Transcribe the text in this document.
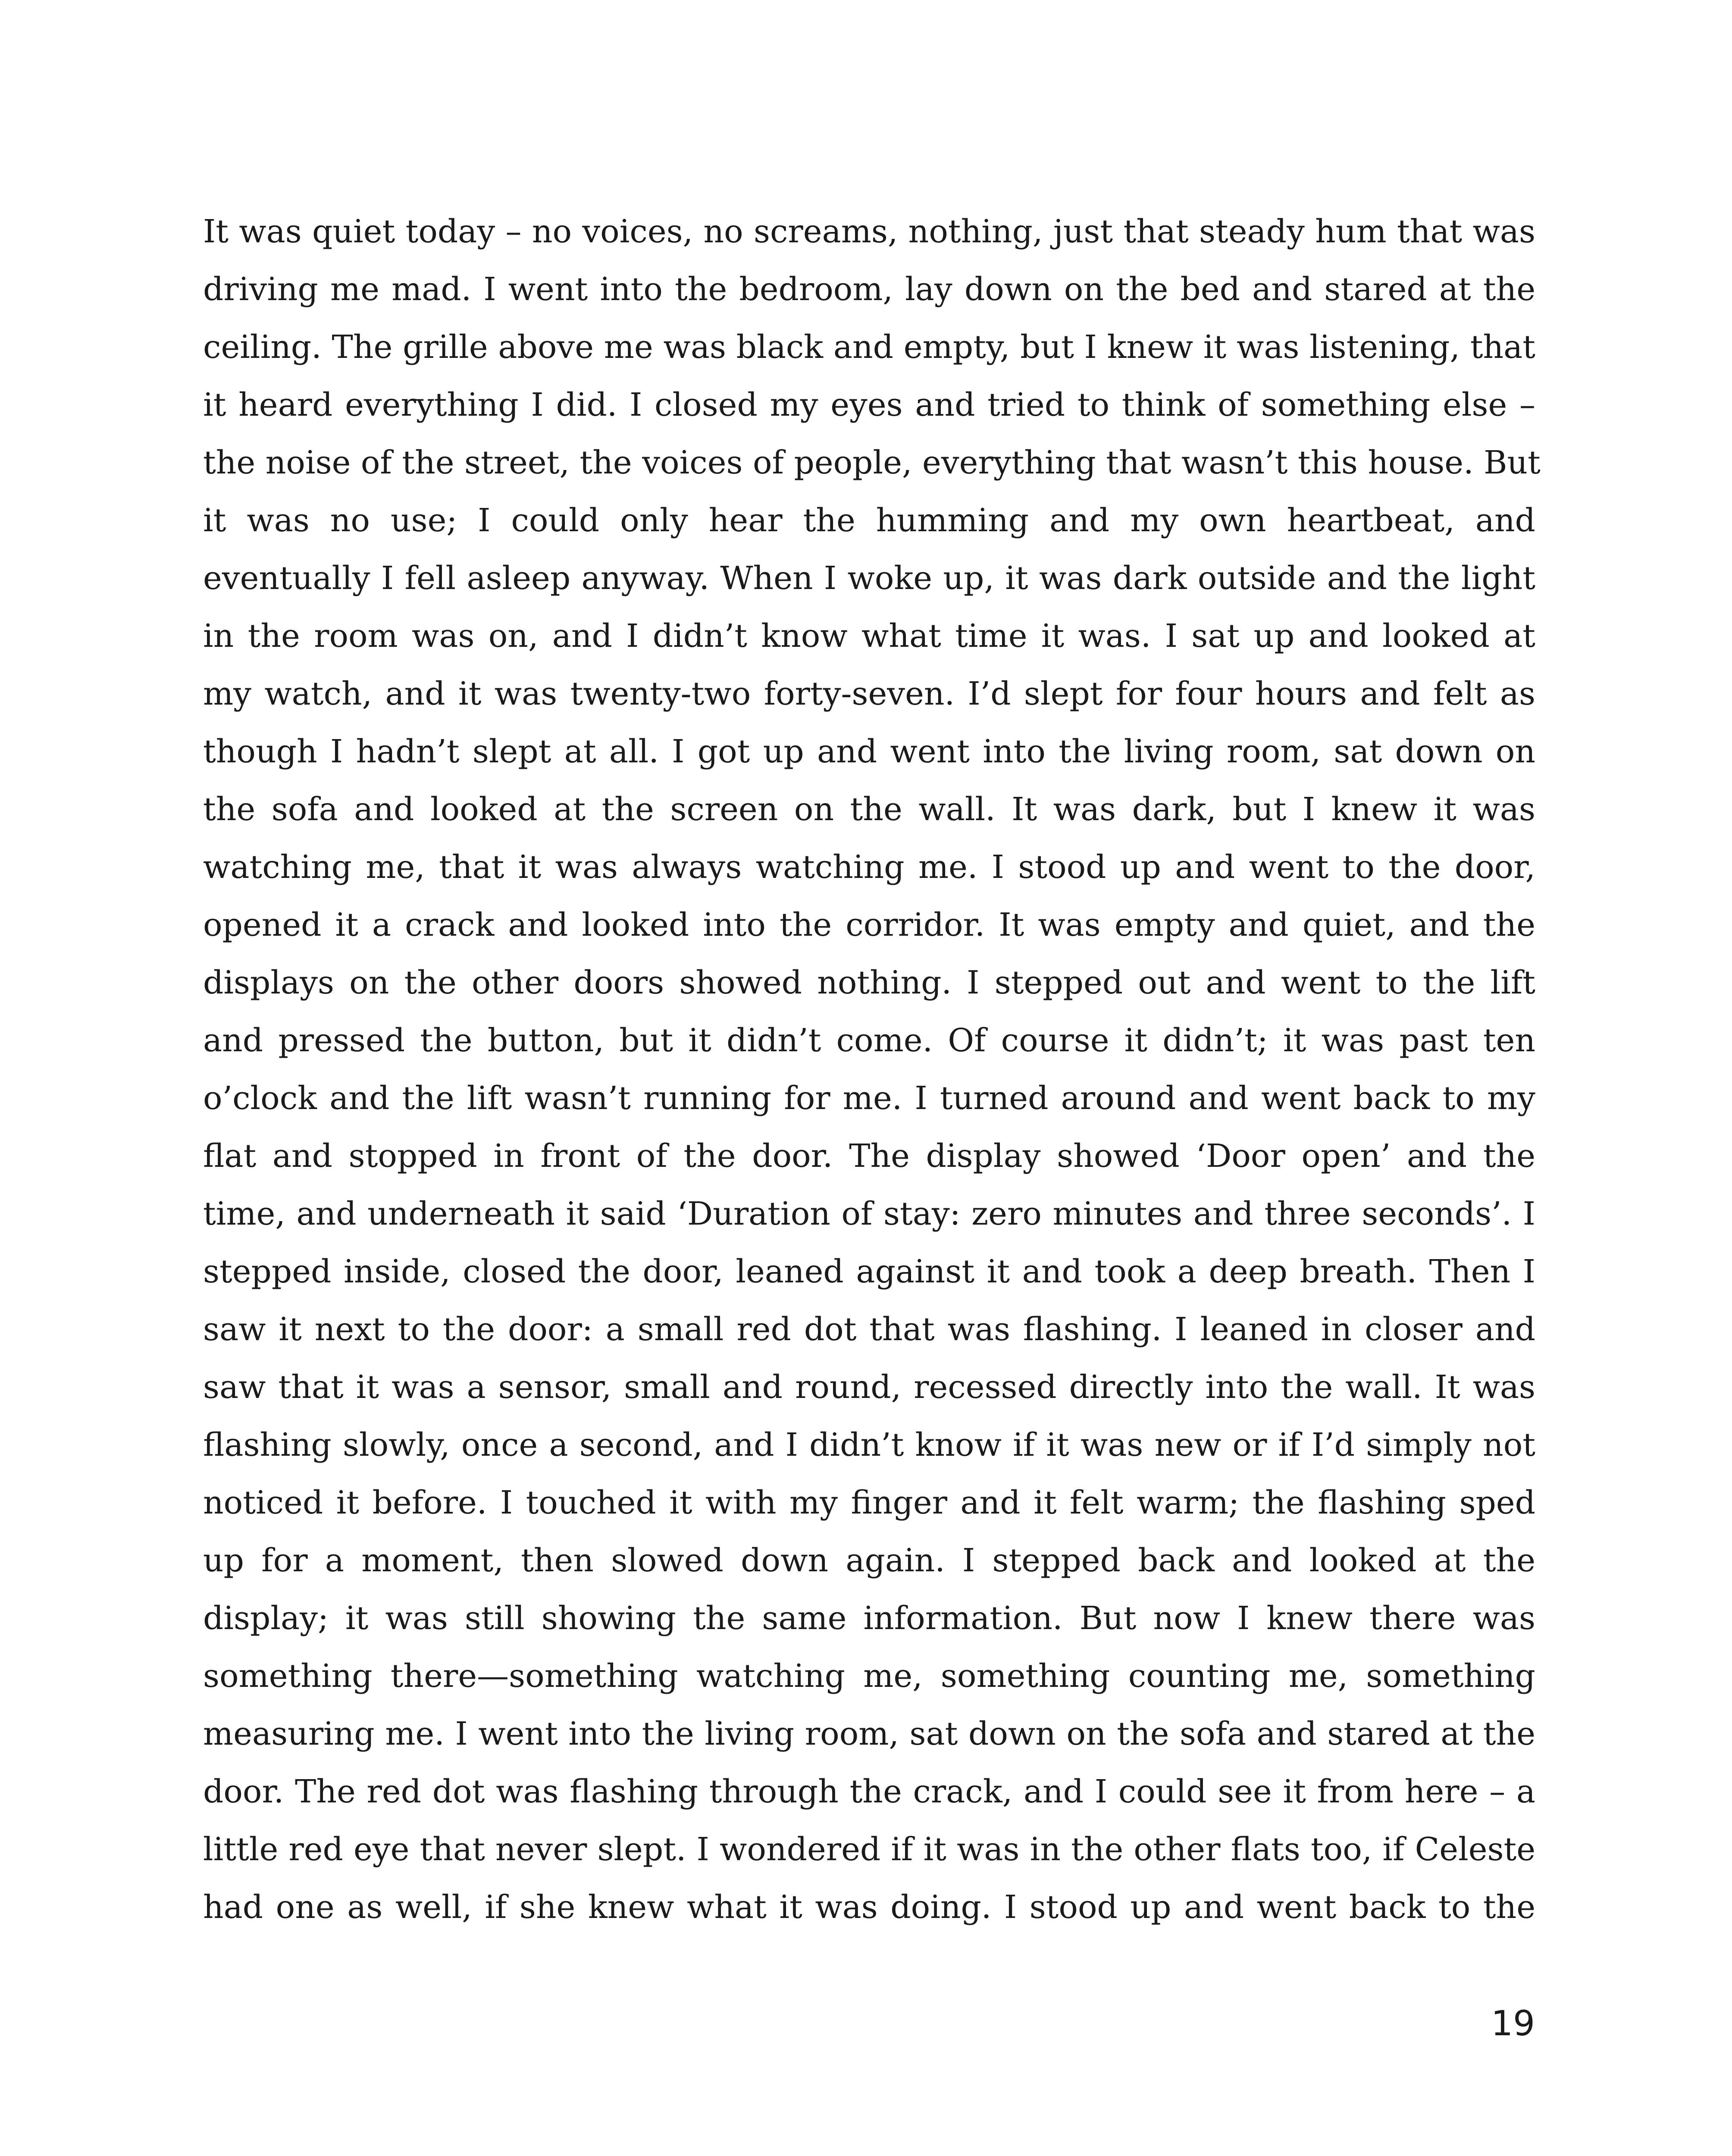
It was quiet today – no voices, no screams, nothing, just that steady hum that was
driving me mad. I went into the bedroom, lay down on the bed and stared at the
ceiling. The grille above me was black and empty, but I knew it was listening, that
it heard everything I did. I closed my eyes and tried to think of something else –
the noise of the street, the voices of people, everything that wasn’t this house. But
it was no use; I could only hear the humming and my own heartbeat, and
eventually I fell asleep anyway. When I woke up, it was dark outside and the light
in the room was on, and I didn’t know what time it was. I sat up and looked at
my watch, and it was twenty-two forty-seven. I’d slept for four hours and felt as
though I hadn’t slept at all. I got up and went into the living room, sat down on
the sofa and looked at the screen on the wall. It was dark, but I knew it was
watching me, that it was always watching me. I stood up and went to the door,
opened it a crack and looked into the corridor. It was empty and quiet, and the
displays on the other doors showed nothing. I stepped out and went to the lift
and pressed the button, but it didn’t come. Of course it didn’t; it was past ten
o’clock and the lift wasn’t running for me. I turned around and went back to my
flat and stopped in front of the door. The display showed ‘Door open’ and the
time, and underneath it said ‘Duration of stay: zero minutes and three seconds’. I
stepped inside, closed the door, leaned against it and took a deep breath. Then I
saw it next to the door: a small red dot that was flashing. I leaned in closer and
saw that it was a sensor, small and round, recessed directly into the wall. It was
flashing slowly, once a second, and I didn’t know if it was new or if I’d simply not
noticed it before. I touched it with my finger and it felt warm; the flashing sped
up for a moment, then slowed down again. I stepped back and looked at the
display; it was still showing the same information. But now I knew there was
something there—something watching me, something counting me, something
measuring me. I went into the living room, sat down on the sofa and stared at the
door. The red dot was flashing through the crack, and I could see it from here – a
little red eye that never slept. I wondered if it was in the other flats too, if Celeste
had one as well, if she knew what it was doing. I stood up and went back to the
19
